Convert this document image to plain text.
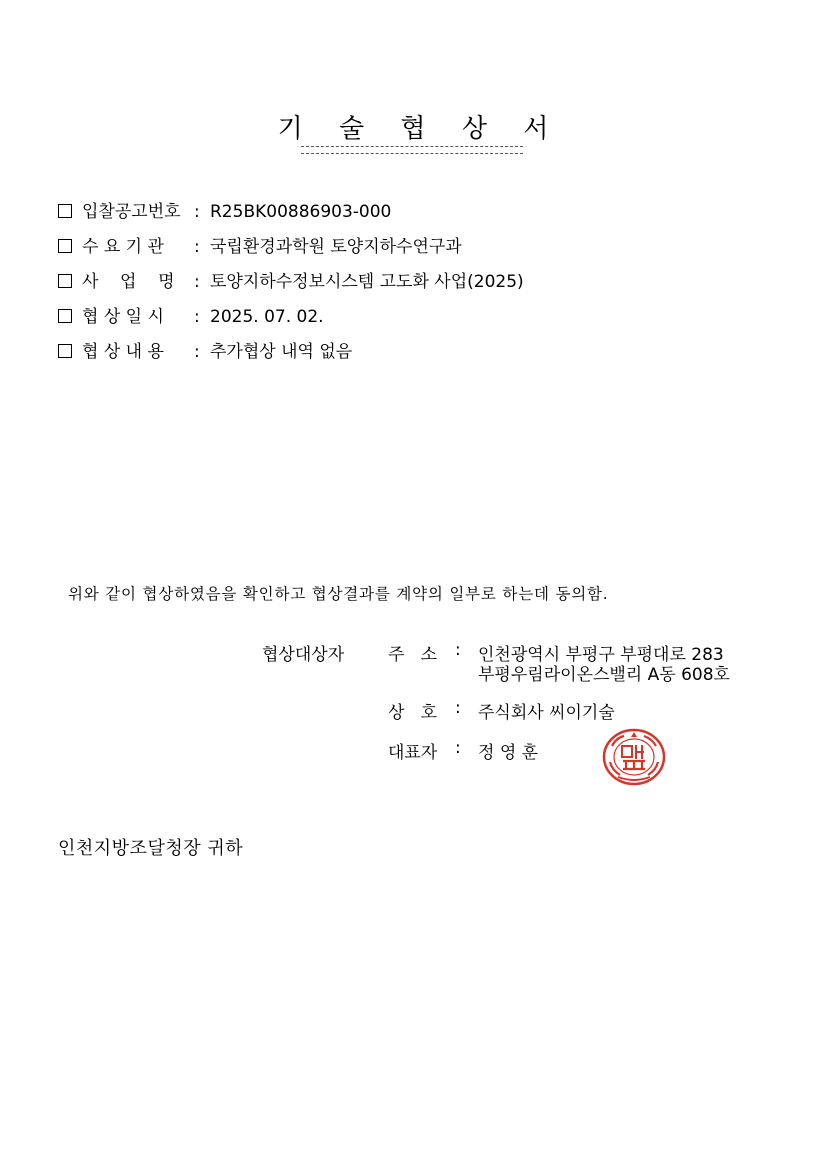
기 술 협 상 서
입찰공고번호 : R25BK00886903-000
수 요 기 관 : 국립환경과학원 토양지하수연구과
사    업    명 : 토양지하수정보시스템 고도화 사업(2025)
협 상 일 시 : 2025. 07. 02.
협 상 내 용 : 추가협상 내역 없음
위와 같이 협상하였음을 확인하고 협상결과를 계약의 일부로 하는데 동의함.
협상대상자	주   소 : 인천광역시 부평구 부평대로 283
부평우림라이온스밸리 A동 608호
상   호 : 주식회사 씨이기술
대표자 : 정 영 훈
인천지방조달청장 귀하
